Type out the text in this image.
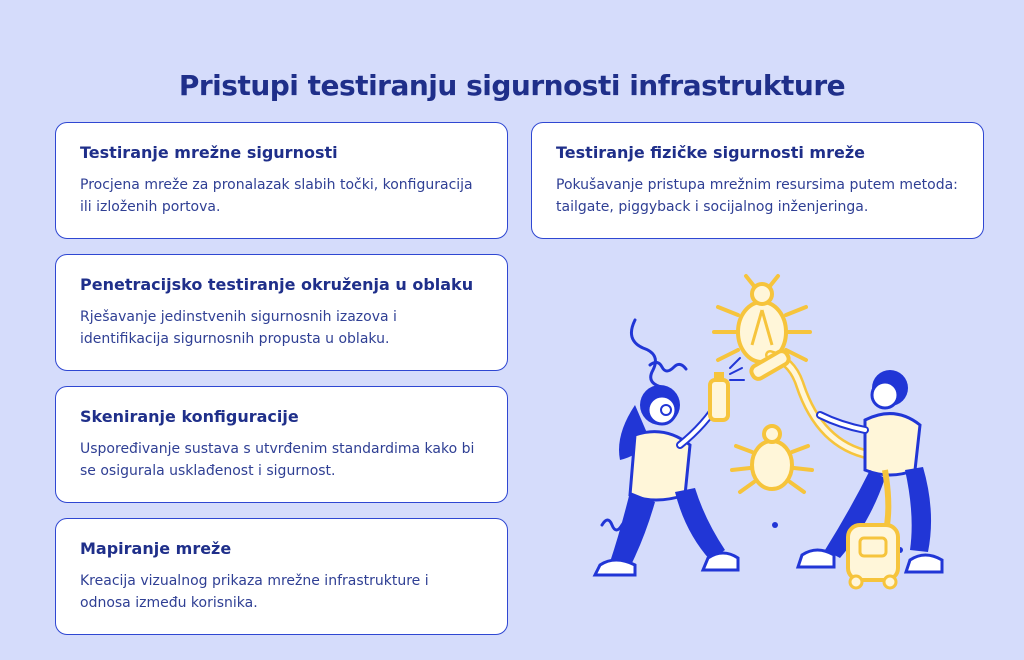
Pristupi testiranju sigurnosti infrastrukture

Testiranje mrežne sigurnosti

Procjena mreže za pronalazak slabih točki, konfiguracija ili izloženih portova.

Testiranje fizičke sigurnosti mreže

Pokušavanje pristupa mrežnim resursima putem metoda: tailgate, piggyback i socijalnog inženjeringa.

Penetracijsko testiranje okruženja u oblaku

Rješavanje jedinstvenih sigurnosnih izazova i identifikacija sigurnosnih propusta u oblaku.

Skeniranje konfiguracije

Uspoređivanje sustava s utvrđenim standardima kako bi se osigurala usklađenost i sigurnost.

Mapiranje mreže

Kreacija vizualnog prikaza mrežne infrastrukture i odnosa između korisnika.
